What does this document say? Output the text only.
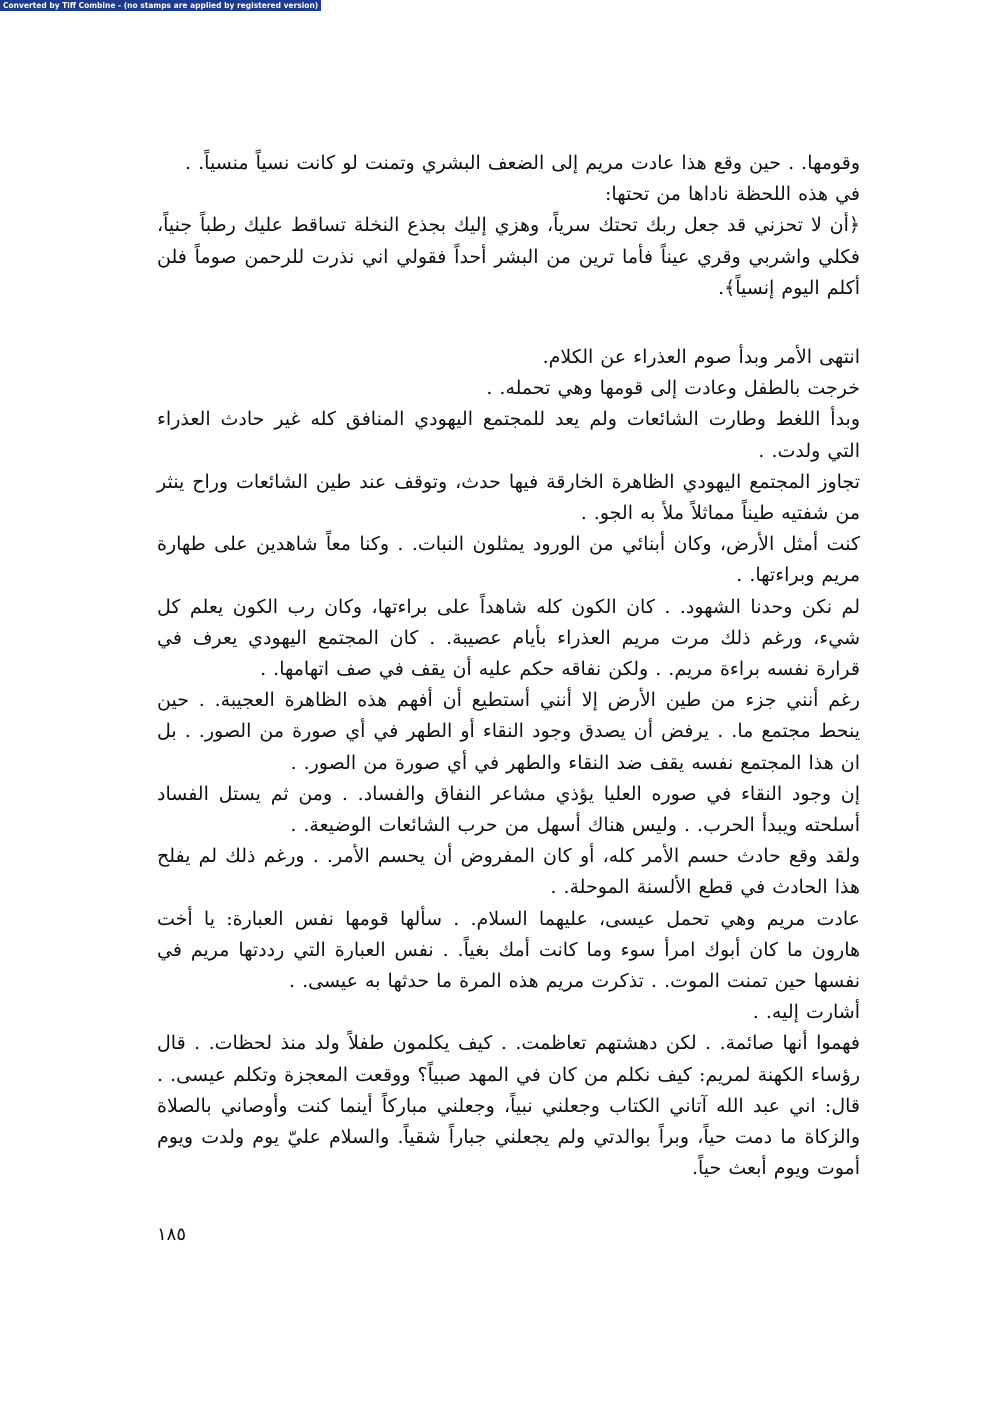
Converted by Tiff Combine - (no stamps are applied by registered version)

وقومها. . حين وقع هذا عادت مريم إلى الضعف البشري وتمنت لو كانت نسياً منسياً. .

في هذه اللحظة ناداها من تحتها:

﴿أن لا تحزني قد جعل ربك تحتك سرياً، وهزي إليك بجذع النخلة تساقط عليك رطباً جنياً، فكلي واشربي وقري عيناً فأما ترين من البشر أحداً فقولي اني نذرت للرحمن صوماً فلن أكلم اليوم إنسياً﴾.

انتهى الأمر وبدأ صوم العذراء عن الكلام.

خرجت بالطفل وعادت إلى قومها وهي تحمله. .

وبدأ اللغط وطارت الشائعات ولم يعد للمجتمع اليهودي المنافق كله غير حادث العذراء التي ولدت. .

تجاوز المجتمع اليهودي الظاهرة الخارقة فيها حدث، وتوقف عند طين الشائعات وراح ينثر من شفتيه طيناً مماثلاً ملأ به الجو. .

كنت أمثل الأرض، وكان أبنائي من الورود يمثلون النبات. . وكنا معاً شاهدين على طهارة مريم وبراءتها. .

لم نكن وحدنا الشهود. . كان الكون كله شاهداً على براءتها، وكان رب الكون يعلم كل شيء، ورغم ذلك مرت مريم العذراء بأيام عصيبة. . كان المجتمع اليهودي يعرف في قرارة نفسه براءة مريم. . ولكن نفاقه حكم عليه أن يقف في صف اتهامها. .

رغم أنني جزء من طين الأرض إلا أنني أستطيع أن أفهم هذه الظاهرة العجيبة. . حين ينحط مجتمع ما. . يرفض أن يصدق وجود النقاء أو الطهر في أي صورة من الصور. . بل ان هذا المجتمع نفسه يقف ضد النقاء والطهر في أي صورة من الصور. .

إن وجود النقاء في صوره العليا يؤذي مشاعر النفاق والفساد. . ومن ثم يستل الفساد أسلحته ويبدأ الحرب. . وليس هناك أسهل من حرب الشائعات الوضيعة. .

ولقد وقع حادث حسم الأمر كله، أو كان المفروض أن يحسم الأمر. . ورغم ذلك لم يفلح هذا الحادث في قطع الألسنة الموحلة. .

عادت مريم وهي تحمل عيسى، عليهما السلام. . سألها قومها نفس العبارة: يا أخت هارون ما كان أبوك امرأ سوء وما كانت أمك بغياً. . نفس العبارة التي رددتها مريم في نفسها حين تمنت الموت. . تذكرت مريم هذه المرة ما حدثها به عيسى. .

أشارت إليه. .

فهموا أنها صائمة. . لكن دهشتهم تعاظمت. . كيف يكلمون طفلاً ولد منذ لحظات. . قال رؤساء الكهنة لمريم: كيف نكلم من كان في المهد صبياً؟ ووقعت المعجزة وتكلم عيسى. . قال: اني عبد الله آتاني الكتاب وجعلني نبياً، وجعلني مباركاً أينما كنت وأوصاني بالصلاة والزكاة ما دمت حياً، وبراً بوالدتي ولم يجعلني جباراً شقياً. والسلام عليّ يوم ولدت ويوم أموت ويوم أبعث حياً.

١٨٥
